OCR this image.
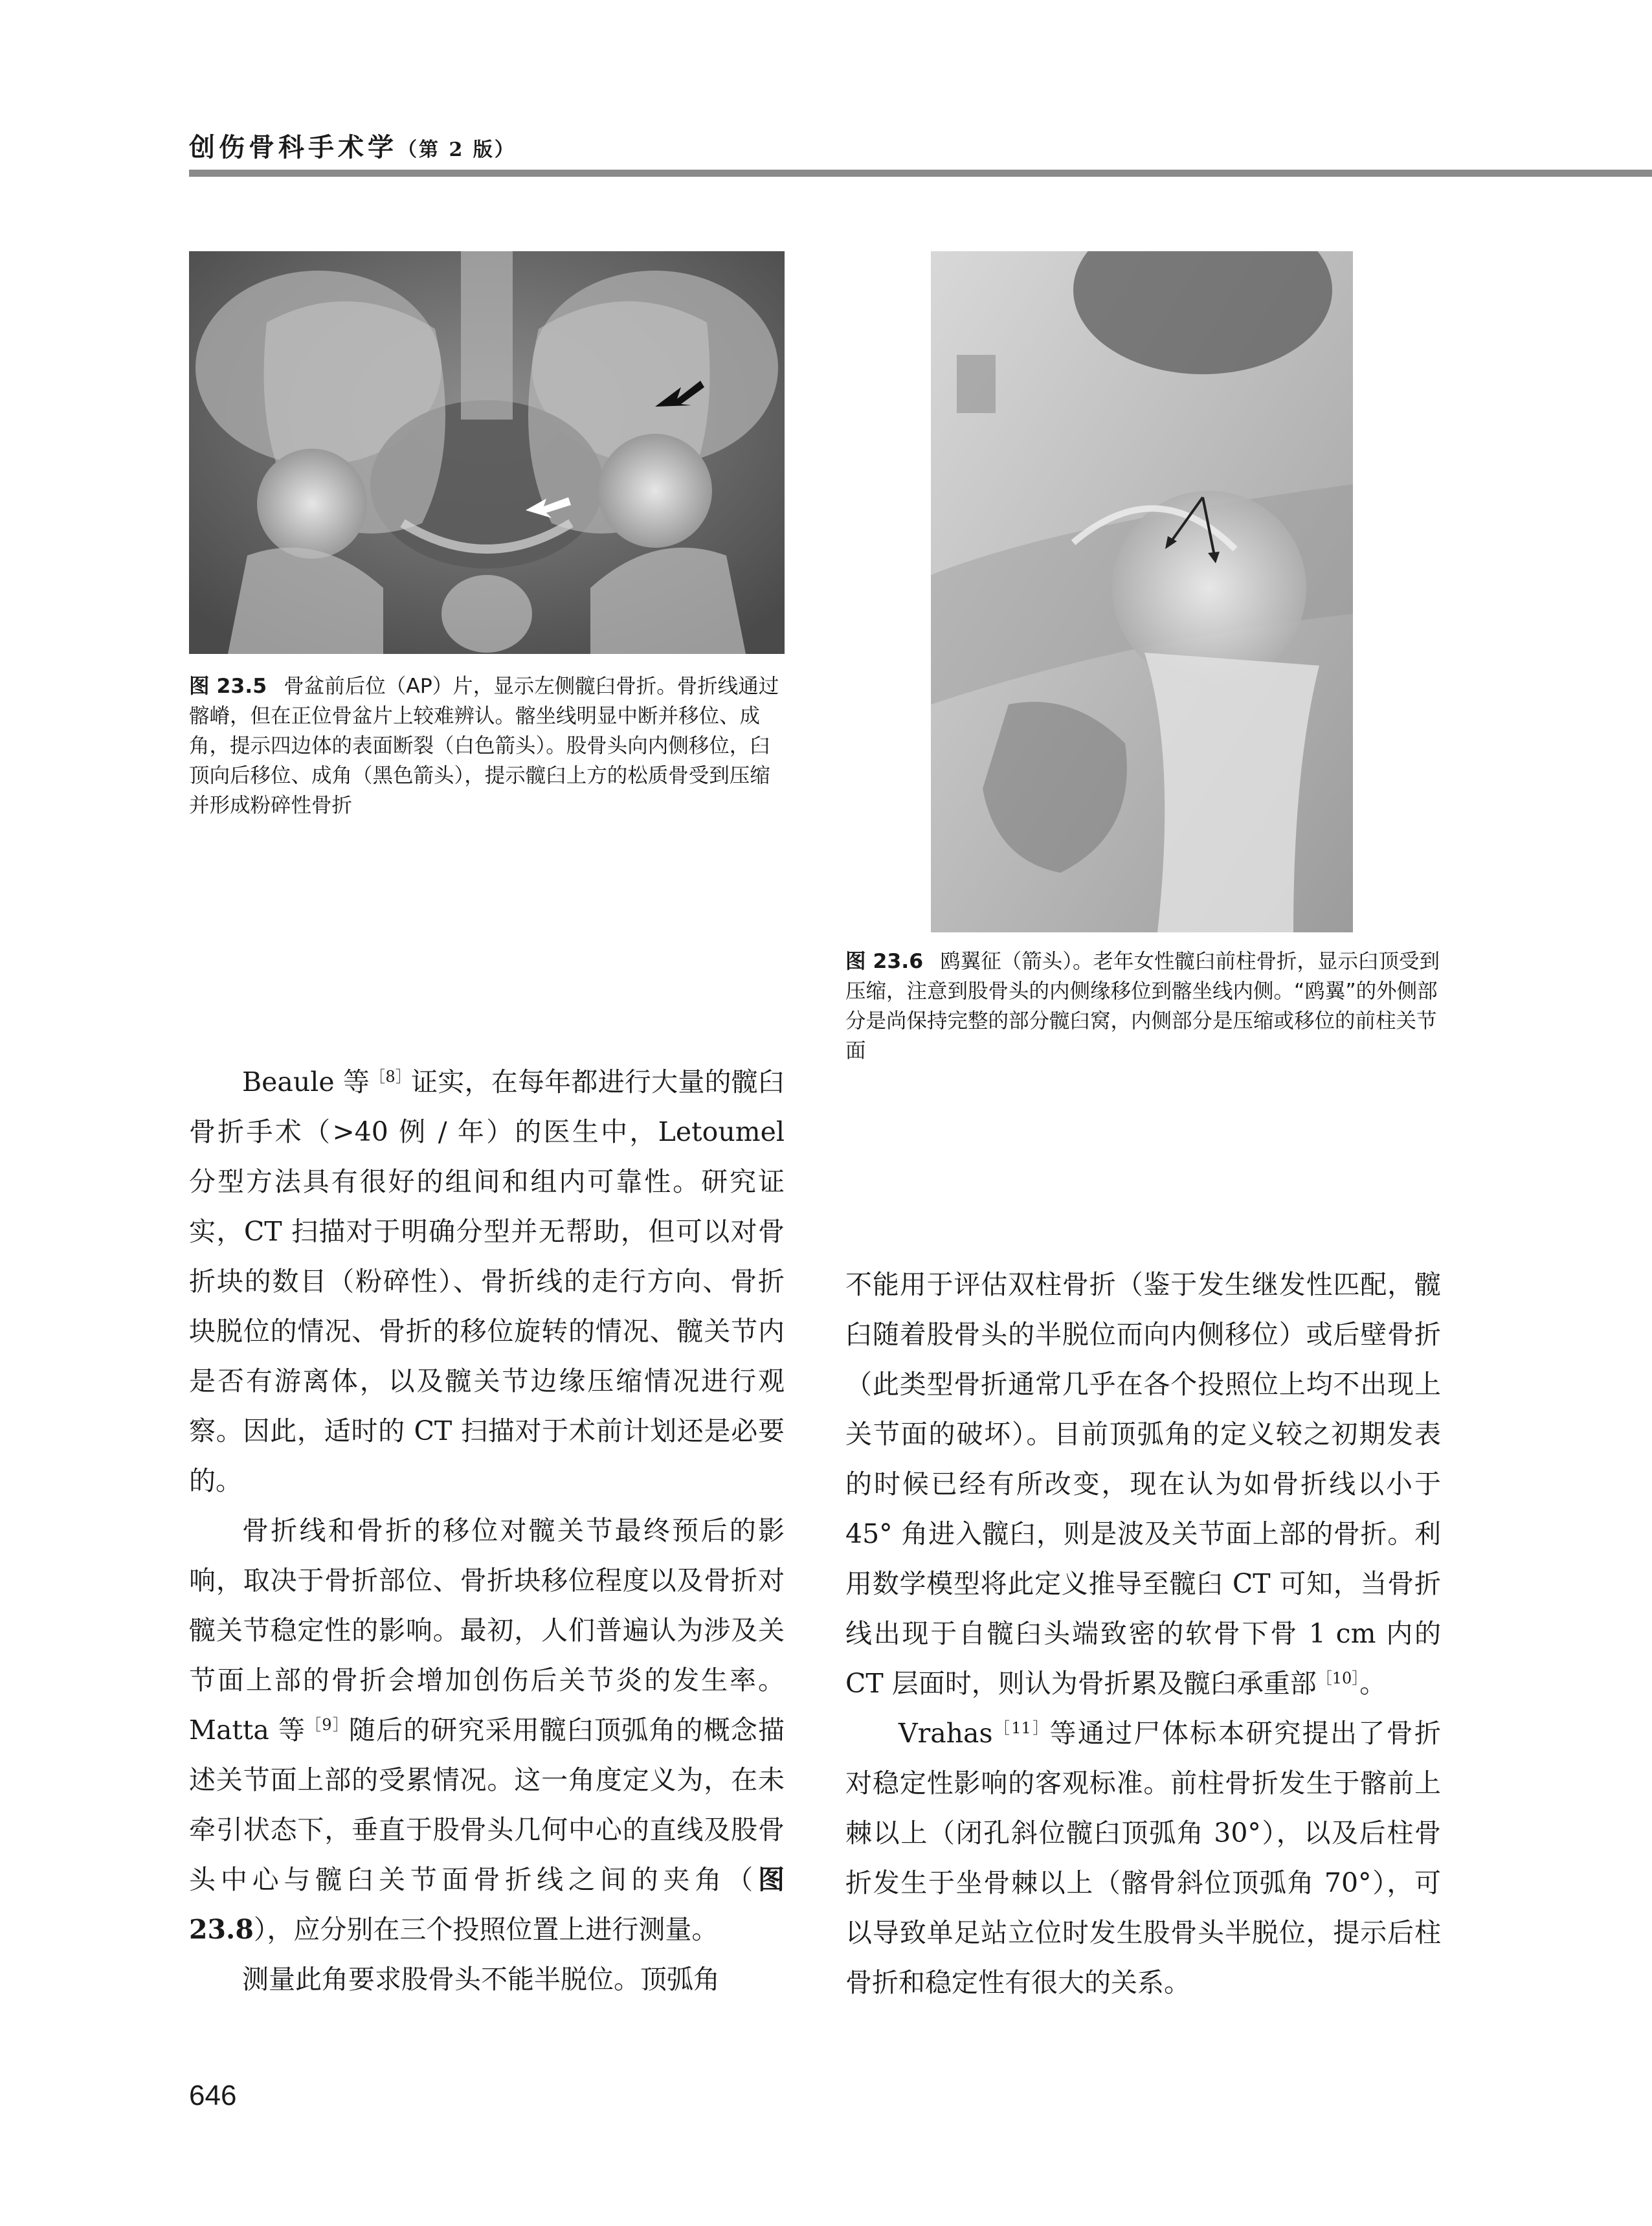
创伤骨科手术学（第 2 版）
图 23.5 骨盆前后位（AP）片，显示左侧髋臼骨折。骨折线通过髂嵴，但在正位骨盆片上较难辨认。髂坐线明显中断并移位、成角，提示四边体的表面断裂（白色箭头）。股骨头向内侧移位，臼顶向后移位、成角（黑色箭头），提示髋臼上方的松质骨受到压缩并形成粉碎性骨折
图 23.6 鸥翼征（箭头）。老年女性髋臼前柱骨折，显示臼顶受到压缩，注意到股骨头的内侧缘移位到髂坐线内侧。“鸥翼”的外侧部分是尚保持完整的部分髋臼窝，内侧部分是压缩或移位的前柱关节面

Beaule 等$^{[8]}$证实，在每年都进行大量的髋臼骨折手术（>40 例 / 年）的医生中，Letoumel 分型方法具有很好的组间和组内可靠性。研究证实，CT 扫描对于明确分型并无帮助，但可以对骨折块的数目（粉碎性）、骨折线的走行方向、骨折块脱位的情况、骨折的移位旋转的情况、髋关节内是否有游离体，以及髋关节边缘压缩情况进行观察。因此，适时的 CT 扫描对于术前计划还是必要的。

骨折线和骨折的移位对髋关节最终预后的影响，取决于骨折部位、骨折块移位程度以及骨折对髋关节稳定性的影响。最初，人们普遍认为涉及关节面上部的骨折会增加创伤后关节炎的发生率。Matta 等$^{[9]}$随后的研究采用髋臼顶弧角的概念描述关节面上部的受累情况。这一角度定义为，在未牵引状态下，垂直于股骨头几何中心的直线及股骨头中心与髋臼关节面骨折线之间的夹角（图 23.8），应分别在三个投照位置上进行测量。

测量此角要求股骨头不能半脱位。顶弧角

不能用于评估双柱骨折（鉴于发生继发性匹配，髋臼随着股骨头的半脱位而向内侧移位）或后壁骨折（此类型骨折通常几乎在各个投照位上均不出现上关节面的破坏）。目前顶弧角的定义较之初期发表的时候已经有所改变，现在认为如骨折线以小于 45° 角进入髋臼，则是波及关节面上部的骨折。利用数学模型将此定义推导至髋臼 CT 可知，当骨折线出现于自髋臼头端致密的软骨下骨 1 cm 内的 CT 层面时，则认为骨折累及髋臼承重部$^{[10]}$。

Vrahas$^{[11]}$等通过尸体标本研究提出了骨折对稳定性影响的客观标准。前柱骨折发生于髂前上棘以上（闭孔斜位髋臼顶弧角 30°），以及后柱骨折发生于坐骨棘以上（髂骨斜位顶弧角 70°），可以导致单足站立位时发生股骨头半脱位，提示后柱骨折和稳定性有很大的关系。

646
